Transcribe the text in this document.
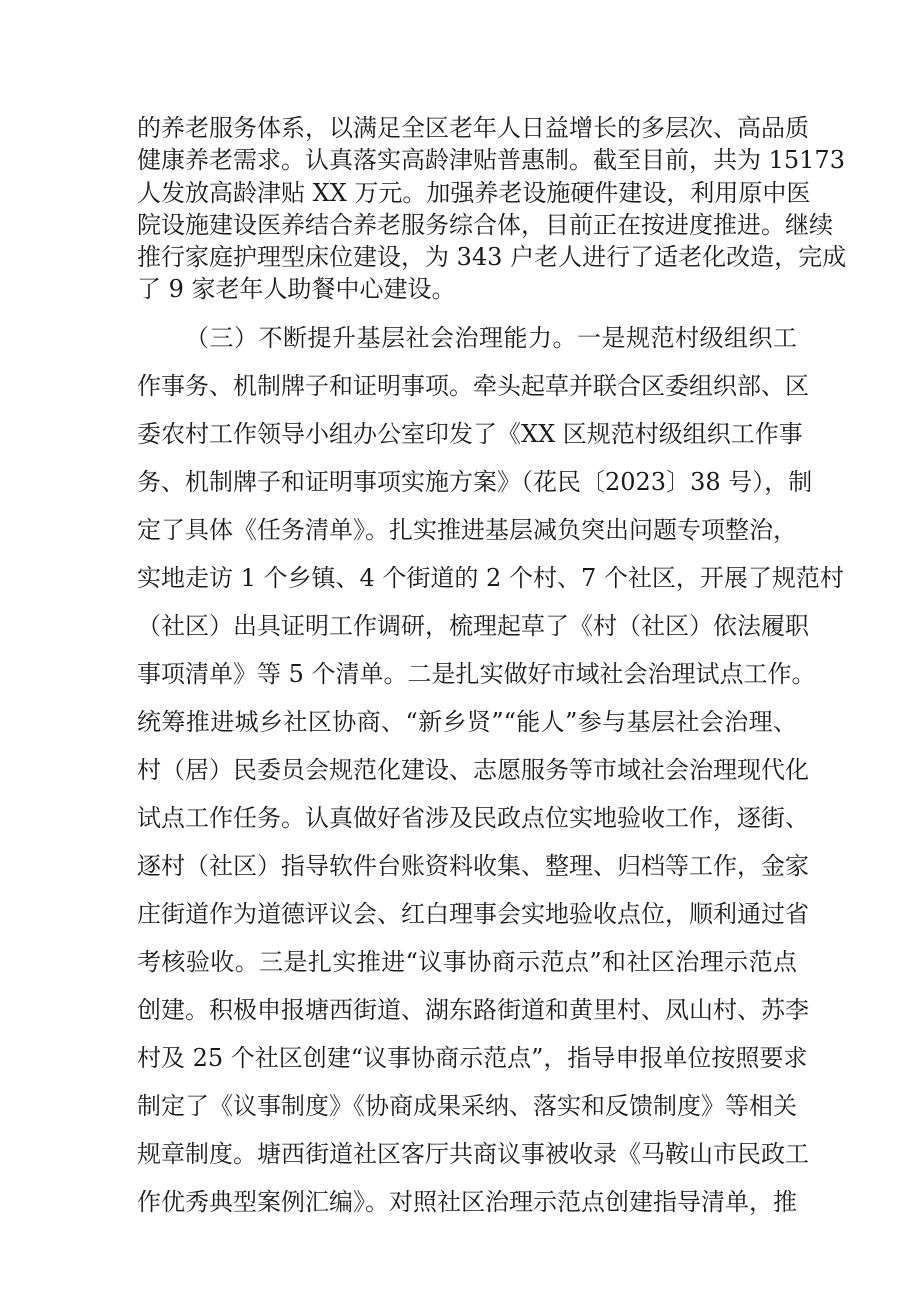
的养老服务体系，以满足全区老年人日益增长的多层次、高品质
健康养老需求。认真落实高龄津贴普惠制。截至目前，共为 15173
人发放高龄津贴 XX 万元。加强养老设施硬件建设，利用原中医
院设施建设医养结合养老服务综合体，目前正在按进度推进。继续
推行家庭护理型床位建设，为 343 户老人进行了适老化改造，完成
了 9 家老年人助餐中心建设。
（三）不断提升基层社会治理能力。一是规范村级组织工
作事务、机制牌子和证明事项。牵头起草并联合区委组织部、区
委农村工作领导小组办公室印发了《XX 区规范村级组织工作事
务、机制牌子和证明事项实施方案》（花民〔2023〕38 号），制
定了具体《任务清单》。扎实推进基层减负突出问题专项整治，
实地走访 1 个乡镇、4 个街道的 2 个村、7 个社区，开展了规范村
（社区）出具证明工作调研，梳理起草了《村（社区）依法履职
事项清单》等 5 个清单。二是扎实做好市域社会治理试点工作。
统筹推进城乡社区协商、“新乡贤”“能人”参与基层社会治理、
村（居）民委员会规范化建设、志愿服务等市域社会治理现代化
试点工作任务。认真做好省涉及民政点位实地验收工作，逐街、
逐村（社区）指导软件台账资料收集、整理、归档等工作，金家
庄街道作为道德评议会、红白理事会实地验收点位，顺利通过省
考核验收。三是扎实推进“议事协商示范点”和社区治理示范点
创建。积极申报塘西街道、湖东路街道和黄里村、凤山村、苏李
村及 25 个社区创建“议事协商示范点”，指导申报单位按照要求
制定了《议事制度》《协商成果采纳、落实和反馈制度》等相关
规章制度。塘西街道社区客厅共商议事被收录《马鞍山市民政工
作优秀典型案例汇编》。对照社区治理示范点创建指导清单，推
